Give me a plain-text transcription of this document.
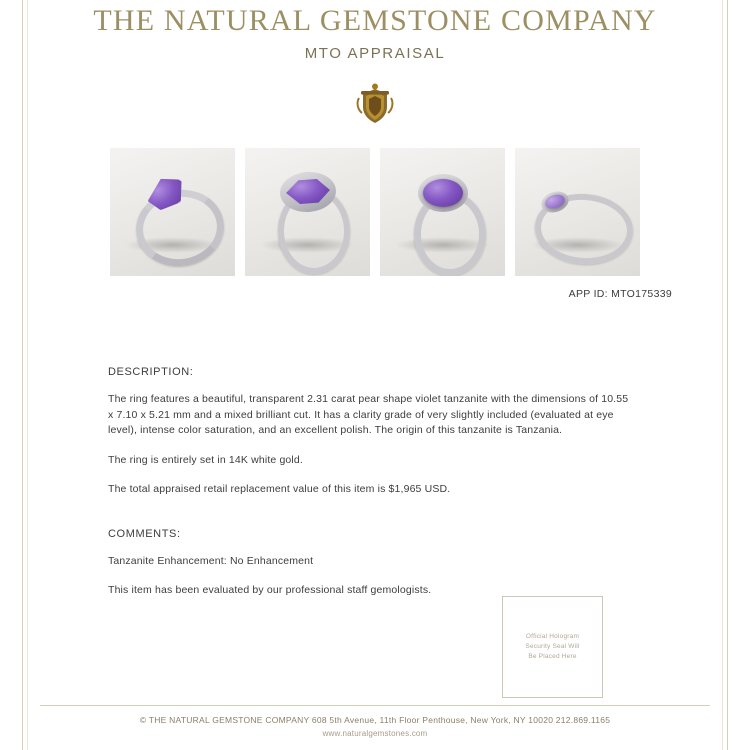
THE NATURAL GEMSTONE COMPANY
MTO APPRAISAL
APP ID: MTO175339
DESCRIPTION:

The ring features a beautiful, transparent 2.31 carat pear shape violet tanzanite with the dimensions of 10.55 x 7.10 x 5.21 mm and a mixed brilliant cut. It has a clarity grade of very slightly included (evaluated at eye level), intense color saturation, and an excellent polish. The origin of this tanzanite is Tanzania.

The ring is entirely set in 14K white gold.

The total appraised retail replacement value of this item is $1,965 USD.

COMMENTS:

Tanzanite Enhancement: No Enhancement

This item has been evaluated by our professional staff gemologists.

Official Hologram
Security Seal Will
Be Placed Here
© THE NATURAL GEMSTONE COMPANY 608 5th Avenue, 11th Floor Penthouse, New York, NY 10020 212.869.1165
www.naturalgemstones.com
